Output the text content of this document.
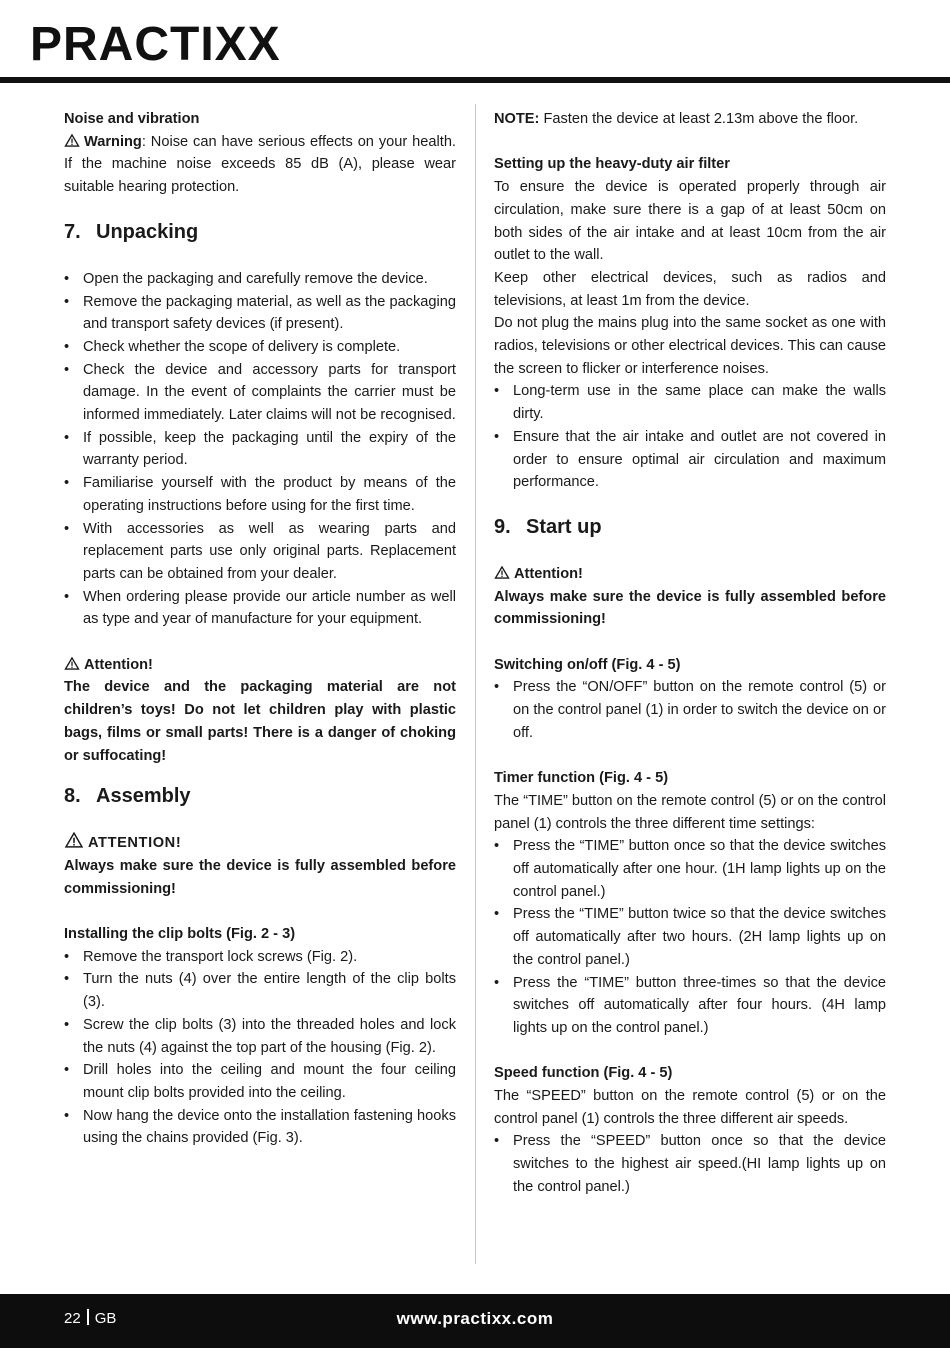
PRACTIXX

Noise and vibration

Warning: Noise can have serious effects on your health. If the machine noise exceeds 85 dB (A), please wear suitable hearing protection.

7. Unpacking
• Open the packaging and carefully remove the device.
• Remove the packaging material, as well as the packaging and transport safety devices (if present).
• Check whether the scope of delivery is complete.
• Check the device and accessory parts for transport damage. In the event of complaints the carrier must be informed immediately. Later claims will not be recognised.
• If possible, keep the packaging until the expiry of the warranty period.
• Familiarise yourself with the product by means of the operating instructions before using for the first time.
• With accessories as well as wearing parts and replacement parts use only original parts. Replacement parts can be obtained from your dealer.
• When ordering please provide our article number as well as type and year of manufacture for your equipment.

Attention!

The device and the packaging material are not children’s toys! Do not let children play with plastic bags, films or small parts! There is a danger of choking or suffocating!

8. Assembly

ATTENTION!

Always make sure the device is fully assembled before commissioning!

Installing the clip bolts (Fig. 2 - 3)

• Remove the transport lock screws (Fig. 2).
• Turn the nuts (4) over the entire length of the clip bolts (3).
• Screw the clip bolts (3) into the threaded holes and lock the nuts (4) against the top part of the housing (Fig. 2).
• Drill holes into the ceiling and mount the four ceiling mount clip bolts provided into the ceiling.
• Now hang the device onto the installation fastening hooks using the chains provided (Fig. 3).

NOTE: Fasten the device at least 2.13m above the floor.

Setting up the heavy-duty air filter

To ensure the device is operated properly through air circulation, make sure there is a gap of at least 50cm on both sides of the air intake and at least 10cm from the air outlet to the wall.

Keep other electrical devices, such as radios and televisions, at least 1m from the device.

Do not plug the mains plug into the same socket as one with radios, televisions or other electrical devices. This can cause the screen to flicker or interference noises.

• Long-term use in the same place can make the walls dirty.
• Ensure that the air intake and outlet are not covered in order to ensure optimal air circulation and maximum performance.
9. Start up

Attention!

Always make sure the device is fully assembled before commissioning!

Switching on/off (Fig. 4 - 5)

• Press the “ON/OFF” button on the remote control (5) or on the control panel (1) in order to switch the device on or off.

Timer function (Fig. 4 - 5)

The “TIME” button on the remote control (5) or on the control panel (1) controls the three different time settings:

• Press the “TIME” button once so that the device switches off automatically after one hour. (1H lamp lights up on the control panel.)
• Press the “TIME” button twice so that the device switches off automatically after two hours. (2H lamp lights up on the control panel.)
• Press the “TIME” button three-times so that the device switches off automatically after four hours. (4H lamp lights up on the control panel.)

Speed function (Fig. 4 - 5)

The “SPEED” button on the remote control (5) or on the control panel (1) controls the three different air speeds.

• Press the “SPEED” button once so that the device switches to the highest air speed.(HI lamp lights up on the control panel.)
22 GB	www.practixx.com
